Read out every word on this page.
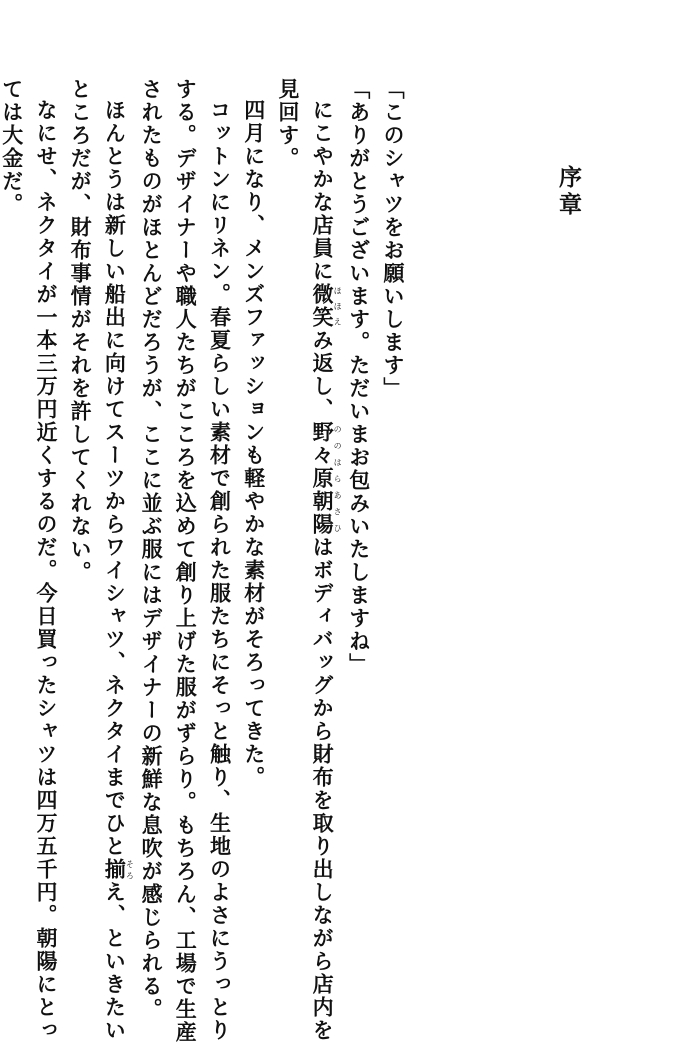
序章

「このシャツをお願いします」

「ありがとうございます。ただいまお包みいたしますね」

にこやかな店員に微笑ほほえみ返し、野々原朝陽ののはらあさひはボディバッグから財布を取り出しながら店内を
見回す。

四月になり、メンズファッションも軽やかな素材がそろってきた。

コットンにリネン。春夏らしい素材で創られた服たちにそっと触り、生地のよさにうっとり
する。デザイナーや職人たちがこころを込めて創り上げた服がずらり。もちろん、工場で生産
されたものがほとんどだろうが、ここに並ぶ服にはデザイナーの新鮮な息吹が感じられる。

ほんとうは新しい船出に向けてスーツからワイシャツ、ネクタイまでひと揃そろえ、といきたい
ところだが、財布事情がそれを許してくれない。

なにせ、ネクタイが一本三万円近くするのだ。今日買ったシャツは四万五千円。朝陽にとっ
ては大金だ。
